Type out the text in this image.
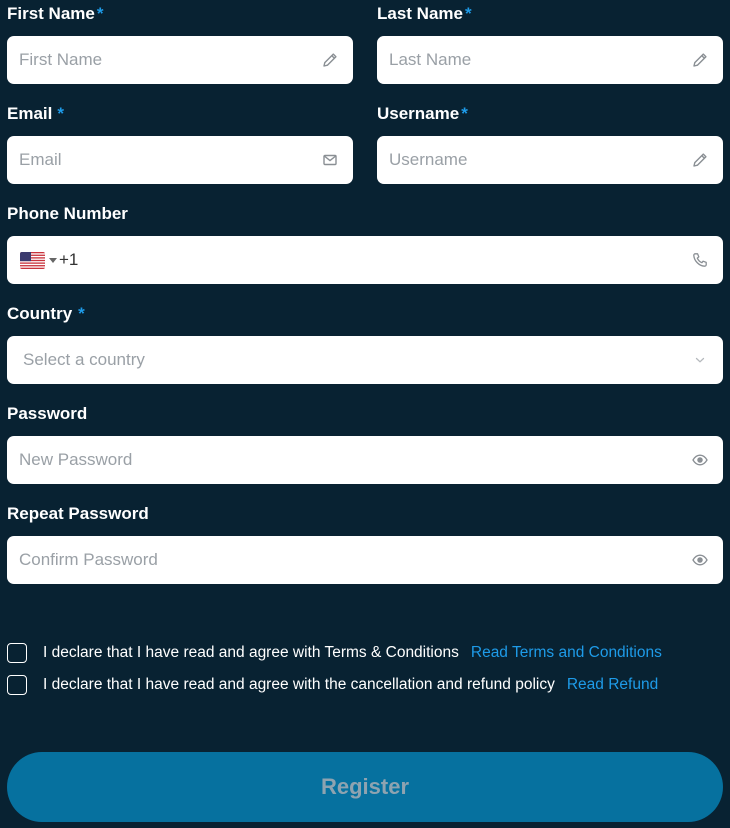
First Name *
First Name	Last Name *
Last Name
Email *
Email	Username *
Username
Phone Number
+1
Country *
Select a country
Password
Repeat Password
I declare that I have read and agree with Terms & Conditions Read Terms and Conditions
I declare that I have read and agree with the cancellation and refund policy Read Refund
Register
